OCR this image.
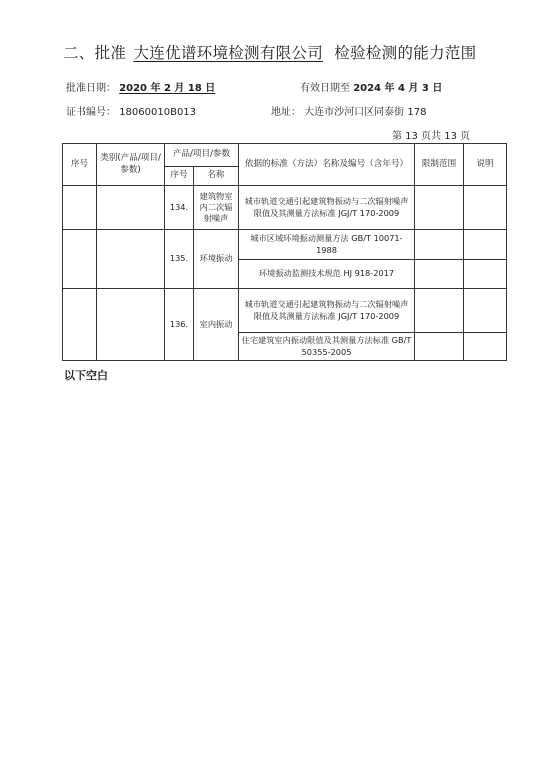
二、批准 大连优谱环境检测有限公司 检验检测的能力范围
批准日期： 2020 年 2 月 18 日	有效日期至 2024 年 4 月 3 日
证书编号： 18060010B013	地址： 大连市沙河口区同泰街 178
第 13 页共 13 页
序号	类别(产品/项目/参数)	产品/项目/参数		依据的标准（方法）名称及编号（含年号）	限制范围	说明
		序号	名称			
		134.	建筑物室内二次辐射噪声	城市轨道交通引起建筑物振动与二次辐射噪声限值及其测量方法标准 JGJ/T 170-2009		
		135.	环境振动	城市区域环境振动测量方法 GB/T 10071-1988		
				环境振动监测技术规范 HJ 918-2017		
		136.	室内振动	城市轨道交通引起建筑物振动与二次辐射噪声限值及其测量方法标准 JGJ/T 170-2009		
				住宅建筑室内振动限值及其测量方法标准 GB/T 50355-2005		
以下空白
